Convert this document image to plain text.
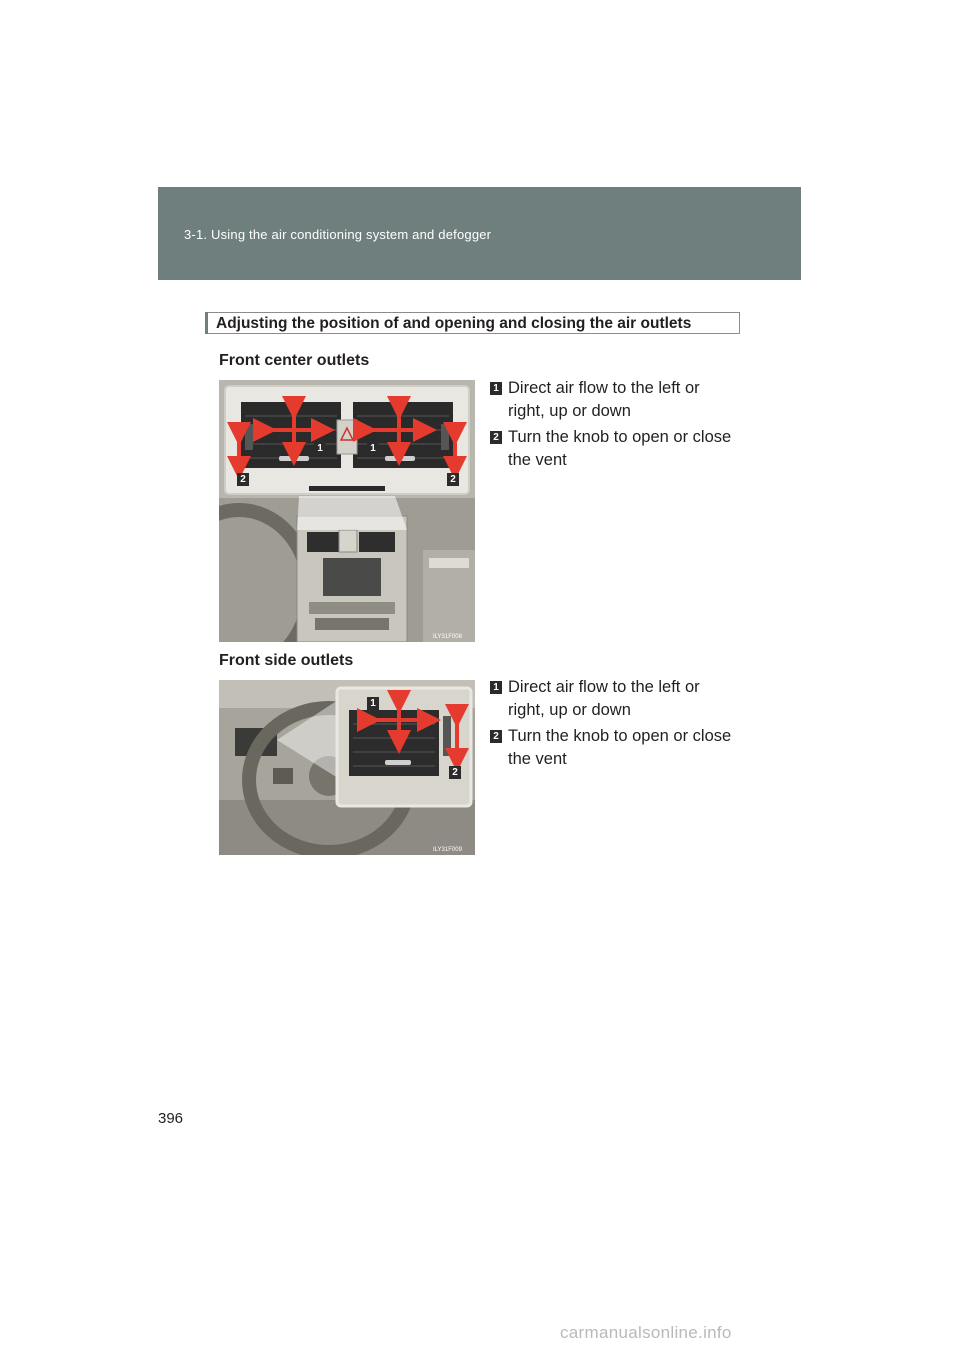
3-1. Using the air conditioning system and defogger
Adjusting the position of and opening and closing the air outlets
Front center outlets
ILY31F008
1	1
2	2
1 Direct air flow to the left or right, up or down
2 Turn the knob to open or close the vent
Front side outlets
ILY31F009
1
2
1 Direct air flow to the left or right, up or down
2 Turn the knob to open or close the vent
396
carmanualsonline.info
